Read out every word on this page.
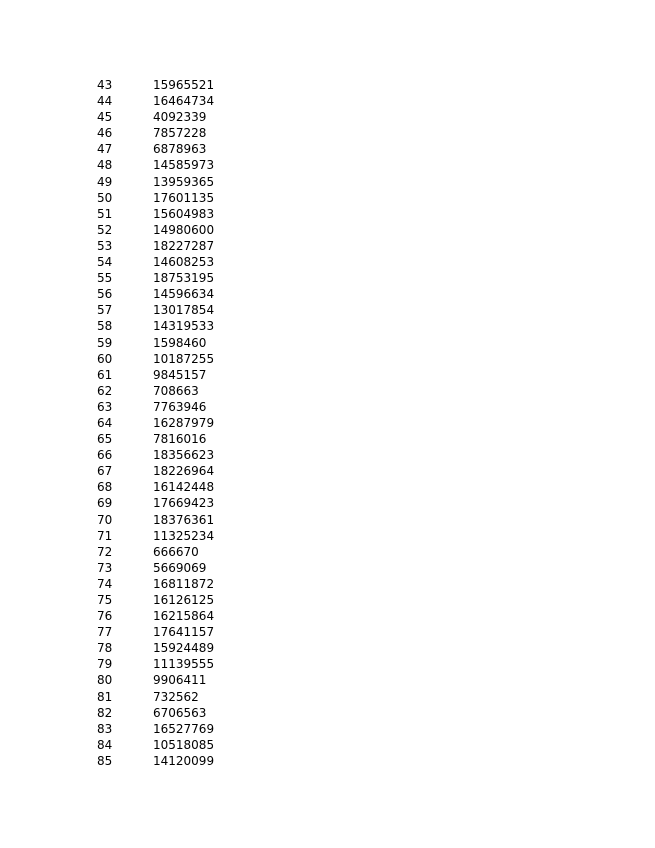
43	15965521
44	16464734
45	4092339
46	7857228
47	6878963
48	14585973
49	13959365
50	17601135
51	15604983
52	14980600
53	18227287
54	14608253
55	18753195
56	14596634
57	13017854
58	14319533
59	1598460
60	10187255
61	9845157
62	708663
63	7763946
64	16287979
65	7816016
66	18356623
67	18226964
68	16142448
69	17669423
70	18376361
71	11325234
72	666670
73	5669069
74	16811872
75	16126125
76	16215864
77	17641157
78	15924489
79	11139555
80	9906411
81	732562
82	6706563
83	16527769
84	10518085
85	14120099
